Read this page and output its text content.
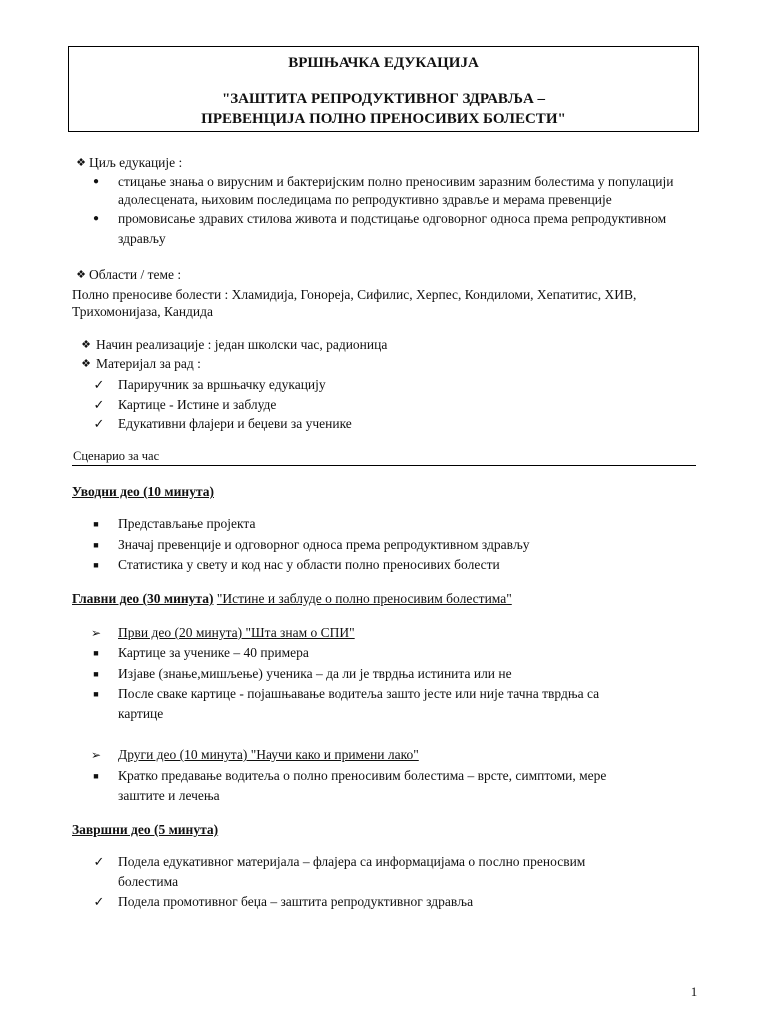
ВРШЊАЧКА ЕДУКАЦИЈА
"ЗАШТИТА РЕПРОДУКТИВНОГ ЗДРАВЉА –
ПРЕВЕНЦИЈА ПОЛНО ПРЕНОСИВИХ БОЛЕСТИ"
❖ Циљ едукације :
●	стицање знања о вирусним и бактеријским полно преносивим заразним болестима у популацији
адолесцената, њиховим последицама по репродуктивно здравље и мерама превенције
●	промовисање здравих стилова живота и подстицање одговорног односа према репродуктивном
здрављу
❖ Области / теме :
Полно преносиве болести : Хламидија, Гонореја, Сифилис, Херпес, Кондиломи, Хепатитис, ХИВ,
Трихомонијаза, Кандида
❖ Начин реализације : један школски час, радионица
❖ Материјал за рад :
✓	Париручник за вршњачку едукацију
✓	Картице - Истине и заблуде
✓	Едукативни флајери и беџеви за ученике
Сценарио за час
Уводни део (10 минута)
■	Представљање пројекта
■	Значај превенције и одговорног односа према репродуктивном здрављу
■	Статистика у свету и код нас у области полно преносивих болести
Главни део (30 минута) "Истине и заблуде о полно преносивим болестима"
➢	Први део (20 минута) "Шта знам о СПИ"
■	Картице за ученике – 40 примера
■	Изјаве (знање,мишљење) ученика – да ли је тврдња истинита или не
■	После сваке картице - појашњавање водитеља зашто јесте или није тачна тврдња са
картице
➢	Други део (10 минута) "Научи како и примени лако"
■	Кратко предавање водитеља о полно преносивим болестима – врсте, симптоми, мере
заштите и лечења
Завршни део (5 минута)
✓	Подела едукативног материјала – флајера са информацијама о послно преносвим
болестима
✓	Подела промотивног беџа – заштита репродуктивног здравља
1
